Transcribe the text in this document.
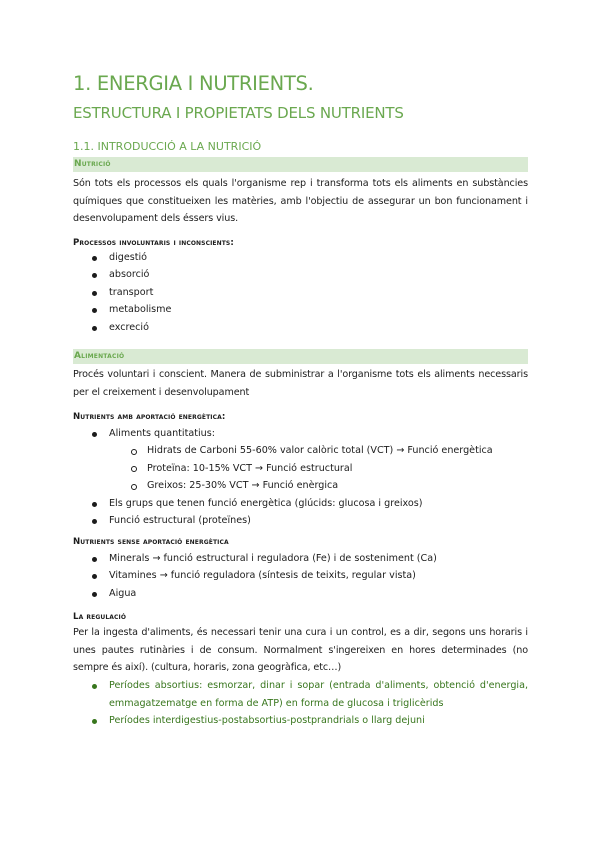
1. ENERGIA I NUTRIENTS.
ESTRUCTURA I PROPIETATS DELS NUTRIENTS
1.1. INTRODUCCIÓ A LA NUTRICIÓ
Nutrició
Són tots els processos els quals l'organisme rep i transforma tots els aliments en substàncies químiques que constitueixen les matèries, amb l'objectiu de assegurar un bon funcionament i desenvolupament dels éssers vius.
Processos involuntaris i inconscients:
digestió
absorció
transport
metabolisme
excreció
Alimentació
Procés voluntari i conscient. Manera de subministrar a l'organisme tots els aliments necessaris per el creixement i desenvolupament
Nutrients amb aportació energètica:
Aliments quantitatius:
Hidrats de Carboni 55-60% valor calòric total (VCT) → Funció energètica
Proteïna: 10-15% VCT → Funció estructural
Greixos: 25-30% VCT → Funció enèrgica
Els grups que tenen funció energètica (glúcids: glucosa i greixos)
Funció estructural (proteïnes)
Nutrients sense aportació energètica
Minerals → funció estructural i reguladora (Fe) i de sosteniment (Ca)
Vitamines → funció reguladora (síntesis de teixits, regular vista)
Aigua
La regulació
Per la ingesta d'aliments, és necessari tenir una cura i un control, es a dir, segons uns horaris i unes pautes rutinàries i de consum. Normalment s'ingereixen en hores determinades (no sempre és així). (cultura, horaris, zona geogràfica, etc…)
Períodes absortius: esmorzar, dinar i sopar (entrada d'aliments, obtenció d'energia, emmagatzematge en forma de ATP) en forma de glucosa i triglicèrids
Períodes interdigestius-postabsortius-postprandrials o llarg dejuni
